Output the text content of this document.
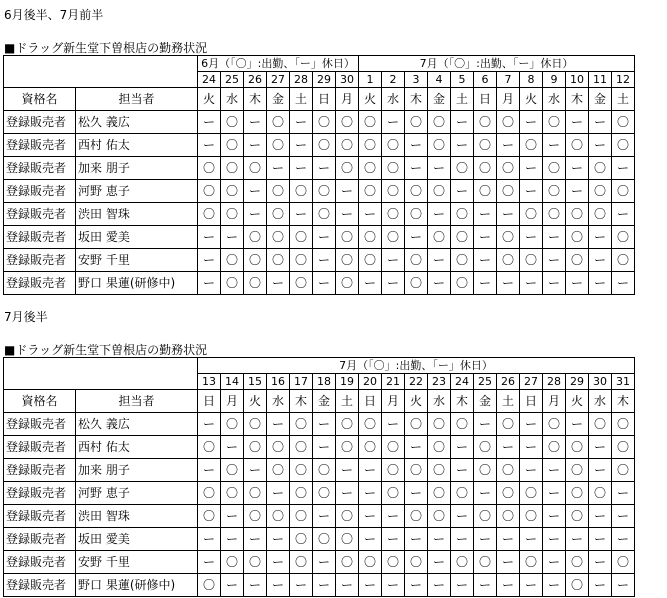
6月後半、7月前半
■ドラッグ新生堂下曽根店の勤務状況
		6月（「〇」:出勤、「ー」休日）							7月（「〇」:出勤、「ー」休日）											
		24	25	26	27	28	29	30	1	2	3	4	5	6	7	8	9	10	11	12
資格名	担当者	火	水	木	金	土	日	月	火	水	木	金	土	日	月	火	水	木	金	土
登録販売者	松久 義広	ー	〇	ー	〇	ー	〇	〇	〇	ー	〇	〇	ー	〇	〇	ー	〇	ー	ー	〇
登録販売者	西村 佑太	ー	〇	ー	〇	ー	〇	〇	〇	〇	ー	〇	ー	〇	ー	〇	ー	〇	ー	〇
登録販売者	加来 朋子	〇	〇	〇	ー	ー	ー	〇	〇	〇	ー	ー	〇	〇	〇	ー	〇	ー	〇	ー
登録販売者	河野 恵子	〇	〇	ー	〇	〇	〇	ー	〇	〇	〇	〇	ー	〇	〇	ー	〇	ー	〇	〇
登録販売者	渋田 智珠	〇	〇	ー	〇	ー	〇	ー	ー	〇	〇	ー	〇	ー	ー	〇	〇	〇	〇	ー
登録販売者	坂田 愛美	ー	ー	〇	〇	〇	ー	〇	〇	〇	ー	〇	〇	ー	〇	ー	ー	〇	ー	〇
登録販売者	安野 千里	ー	〇	〇	〇	〇	ー	〇	〇	ー	〇	ー	〇	ー	〇	〇	ー	〇	ー	〇
登録販売者	野口 果蓮(研修中)	ー	〇	〇	ー	〇	ー	〇	ー	ー	〇	ー	〇	ー	ー	ー	ー	ー	ー	ー
7月後半
■ドラッグ新生堂下曽根店の勤務状況
		7月（「〇」:出勤、「ー」休日）																		
		13	14	15	16	17	18	19	20	21	22	23	24	25	26	27	28	29	30	31
資格名	担当者	日	月	火	水	木	金	土	日	月	火	水	木	金	土	日	月	火	水	木
登録販売者	松久 義広	ー	〇	〇	ー	〇	ー	〇	〇	ー	〇	〇	〇	ー	〇	ー	〇	ー	〇	〇
登録販売者	西村 佑太	〇	ー	〇	〇	〇	ー	〇	〇	〇	ー	〇	ー	〇	ー	ー	〇	〇	ー	〇
登録販売者	加来 朋子	ー	〇	ー	〇	〇	〇	ー	ー	〇	〇	〇	ー	〇	〇	ー	ー	〇	ー	〇
登録販売者	河野 恵子	〇	〇	〇	ー	〇	〇	ー	ー	〇	ー	〇	〇	ー	〇	〇	ー	〇	〇	ー
登録販売者	渋田 智珠	〇	ー	〇	〇	〇	ー	〇	ー	ー	〇	〇	ー	〇	〇	〇	ー	〇	ー	ー
登録販売者	坂田 愛美	ー	ー	ー	ー	〇	〇	〇	ー	ー	ー	ー	ー	ー	ー	ー	ー	ー	ー	ー
登録販売者	安野 千里	ー	〇	〇	ー	〇	ー	〇	〇	〇	〇	ー	〇	〇	ー	〇	ー	〇	ー	〇
登録販売者	野口 果蓮(研修中)	〇	ー	ー	ー	ー	ー	ー	ー	ー	ー	ー	ー	ー	ー	ー	ー	〇	ー	ー
